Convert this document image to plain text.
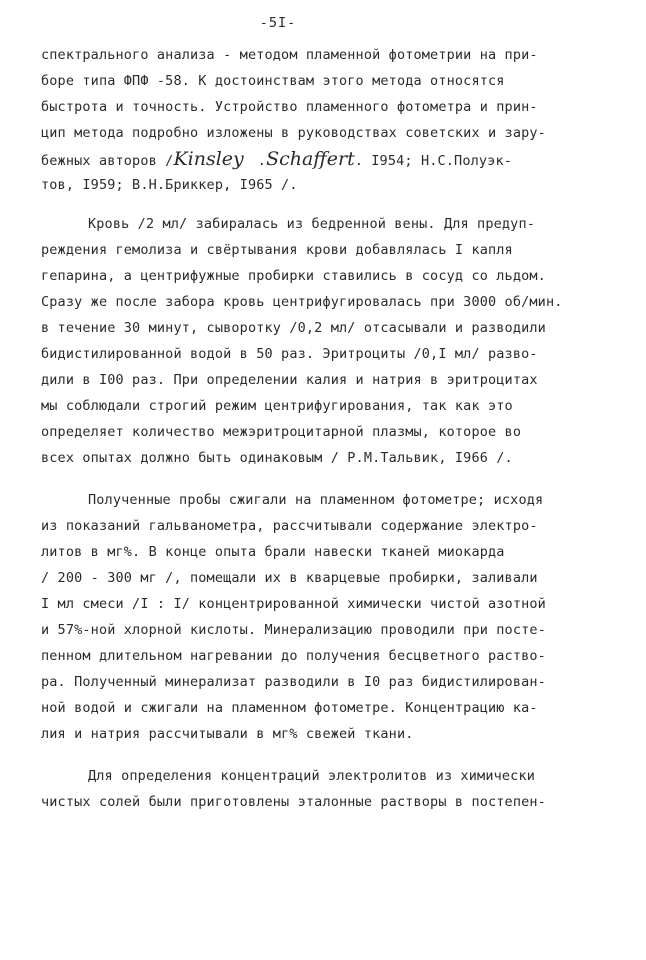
-5I-
спектрального анализа - методом пламенной фотометрии на при-
боре типа ФПФ -58. К достоинствам этого метода относятся
быстрота и точность. Устройство пламенного фотометра и прин-
цип метода подробно изложены в руководствах советских и зару-
бежных авторов /Kinsley .Schaffert. I954; Н.С.Полуэк-
тов, I959; В.Н.Бриккер, I965 /.
Кровь /2 мл/ забиралась из бедренной вены. Для предуп-
реждения гемолиза и свёртывания крови добавлялась I капля
гепарина, а центрифужные пробирки ставились в сосуд со льдом.
Сразу же после забора кровь центрифугировалась при 3000 об/мин.
в течение 30 минут, сыворотку /0,2 мл/ отсасывали и разводили
бидистилированной водой в 50 раз. Эритроциты /0,I мл/ разво-
дили в I00 раз. При определении калия и натрия в эритроцитах
мы соблюдали строгий режим центрифугирования, так как это
определяет количество межэритроцитарной плазмы, которое во
всех опытах должно быть одинаковым / Р.М.Тальвик, I966 /.
Полученные пробы сжигали на пламенном фотометре; исходя
из показаний гальванометра, рассчитывали содержание электро-
литов в мг%. В конце опыта брали навески тканей миокарда
/ 200 - 300 мг /, помещали их в кварцевые пробирки, заливали
I мл смеси /I : I/ концентрированной химически чистой азотной
и 57%-ной хлорной кислоты. Минерализацию проводили при посте-
пенном длительном нагревании до получения бесцветного раство-
ра. Полученный минерализат разводили в I0 раз бидистилирован-
ной водой и сжигали на пламенном фотометре. Концентрацию ка-
лия и натрия рассчитывали в мг% свежей ткани.
Для определения концентраций электролитов из химически
чистых солей были приготовлены эталонные растворы в постепен-
